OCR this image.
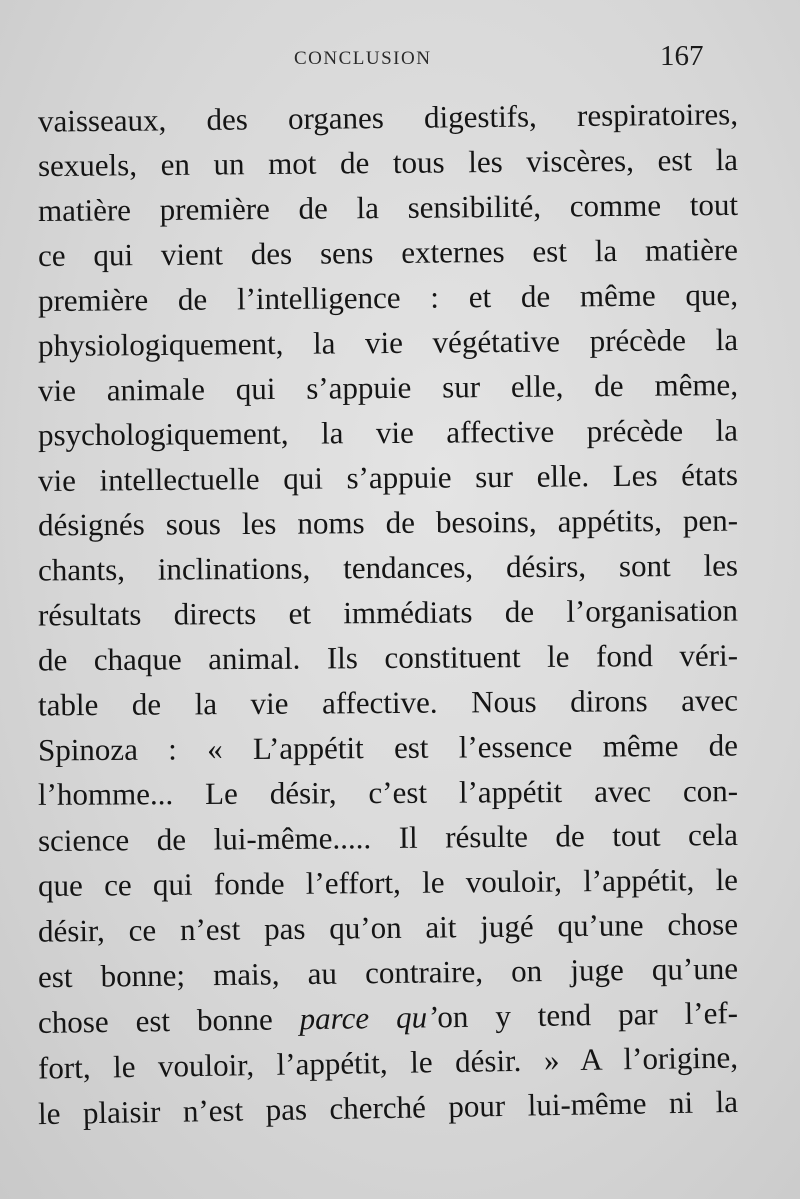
CONCLUSION	167
vaisseaux, des organes digestifs, respiratoires,
sexuels, en un mot de tous les viscères, est la
matière première de la sensibilité, comme tout
ce qui vient des sens externes est la matière
première de l’intelligence : et de même que,
physiologiquement, la vie végétative précède la
vie animale qui s’appuie sur elle, de même,
psychologiquement, la vie affective précède la
vie intellectuelle qui s’appuie sur elle. Les états
désignés sous les noms de besoins, appétits, pen-
chants, inclinations, tendances, désirs, sont les
résultats directs et immédiats de l’organisation
de chaque animal. Ils constituent le fond véri-
table de la vie affective. Nous dirons avec
Spinoza : « L’appétit est l’essence même de
l’homme... Le désir, c’est l’appétit avec con-
science de lui-même..... Il résulte de tout cela
que ce qui fonde l’effort, le vouloir, l’appétit, le
désir, ce n’est pas qu’on ait jugé qu’une chose
est bonne; mais, au contraire, on juge qu’une
chose est bonne parce qu’on y tend par l’ef-
fort, le vouloir, l’appétit, le désir. » A l’origine,
le plaisir n’est pas cherché pour lui-même ni la
